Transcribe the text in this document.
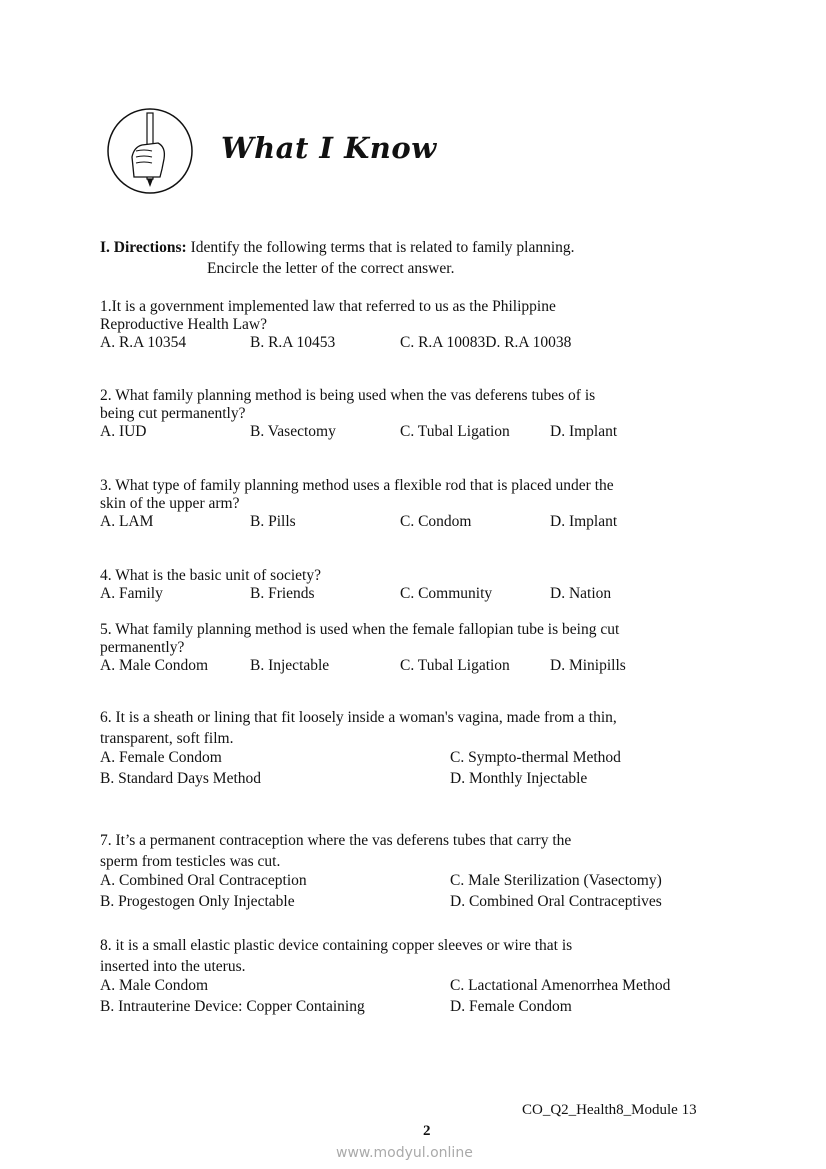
What I Know
I. Directions: Identify the following terms that is related to family planning.
Encircle the letter of the correct answer.
1.It is a government implemented law that referred to us as the Philippine
Reproductive Health Law?
A. R.A 10354	B. R.A 10453	C. R.A 10083D. R.A 10038
2. What family planning method is being used when the vas deferens tubes of is
being cut permanently?
A. IUD	B. Vasectomy	C. Tubal Ligation	D. Implant
3. What type of family planning method uses a flexible rod that is placed under the
skin of the upper arm?
A. LAM	B. Pills	C. Condom	D. Implant
4. What is the basic unit of society?
A. Family	B. Friends	C. Community	D. Nation
5. What family planning method is used when the female fallopian tube is being cut
permanently?
A. Male Condom	B. Injectable	C. Tubal Ligation	D. Minipills
6. It is a sheath or lining that fit loosely inside a woman's vagina, made from a thin,
transparent, soft film.
A. Female Condom	C. Sympto-thermal Method
B. Standard Days Method	D. Monthly Injectable
7. It’s a permanent contraception where the vas deferens tubes that carry the
sperm from testicles was cut.
A. Combined Oral Contraception	C. Male Sterilization (Vasectomy)
B. Progestogen Only Injectable	D. Combined Oral Contraceptives
8. it is a small elastic plastic device containing copper sleeves or wire that is
inserted into the uterus.
A. Male Condom	C. Lactational Amenorrhea Method
B. Intrauterine Device: Copper Containing	D. Female Condom
CO_Q2_Health8_Module 13
2
www.modyul.online
